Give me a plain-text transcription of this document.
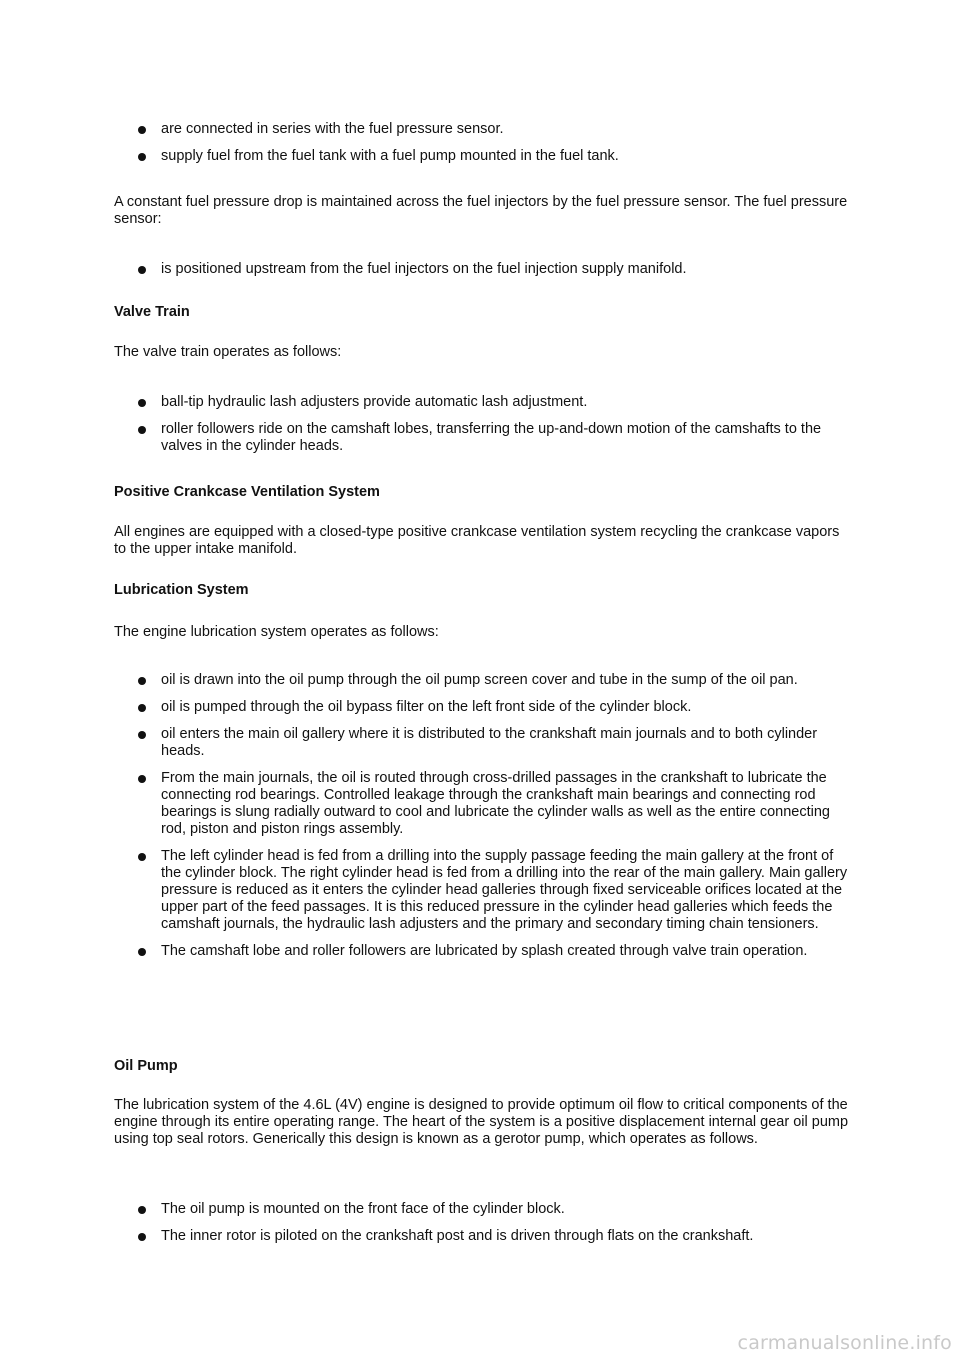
are connected in series with the fuel pressure sensor.
supply fuel from the fuel tank with a fuel pump mounted in the fuel tank.
A constant fuel pressure drop is maintained across the fuel injectors by the fuel pressure sensor. The fuel pressure sensor:
is positioned upstream from the fuel injectors on the fuel injection supply manifold.
Valve Train
The valve train operates as follows:
ball-tip hydraulic lash adjusters provide automatic lash adjustment.
roller followers ride on the camshaft lobes, transferring the up-and-down motion of the camshafts to the valves in the cylinder heads.
Positive Crankcase Ventilation System
All engines are equipped with a closed-type positive crankcase ventilation system recycling the crankcase vapors to the upper intake manifold.
Lubrication System
The engine lubrication system operates as follows:
oil is drawn into the oil pump through the oil pump screen cover and tube in the sump of the oil pan.
oil is pumped through the oil bypass filter on the left front side of the cylinder block.
oil enters the main oil gallery where it is distributed to the crankshaft main journals and to both cylinder heads.
From the main journals, the oil is routed through cross-drilled passages in the crankshaft to lubricate the connecting rod bearings. Controlled leakage through the crankshaft main bearings and connecting rod bearings is slung radially outward to cool and lubricate the cylinder walls as well as the entire connecting rod, piston and piston rings assembly.
The left cylinder head is fed from a drilling into the supply passage feeding the main gallery at the front of the cylinder block. The right cylinder head is fed from a drilling into the rear of the main gallery. Main gallery pressure is reduced as it enters the cylinder head galleries through fixed serviceable orifices located at the upper part of the feed passages. It is this reduced pressure in the cylinder head galleries which feeds the camshaft journals, the hydraulic lash adjusters and the primary and secondary timing chain tensioners.
The camshaft lobe and roller followers are lubricated by splash created through valve train operation.
Oil Pump
The lubrication system of the 4.6L (4V) engine is designed to provide optimum oil flow to critical components of the engine through its entire operating range. The heart of the system is a positive displacement internal gear oil pump using top seal rotors. Generically this design is known as a gerotor pump, which operates as follows.
The oil pump is mounted on the front face of the cylinder block.
The inner rotor is piloted on the crankshaft post and is driven through flats on the crankshaft.
carmanualsonline.info
